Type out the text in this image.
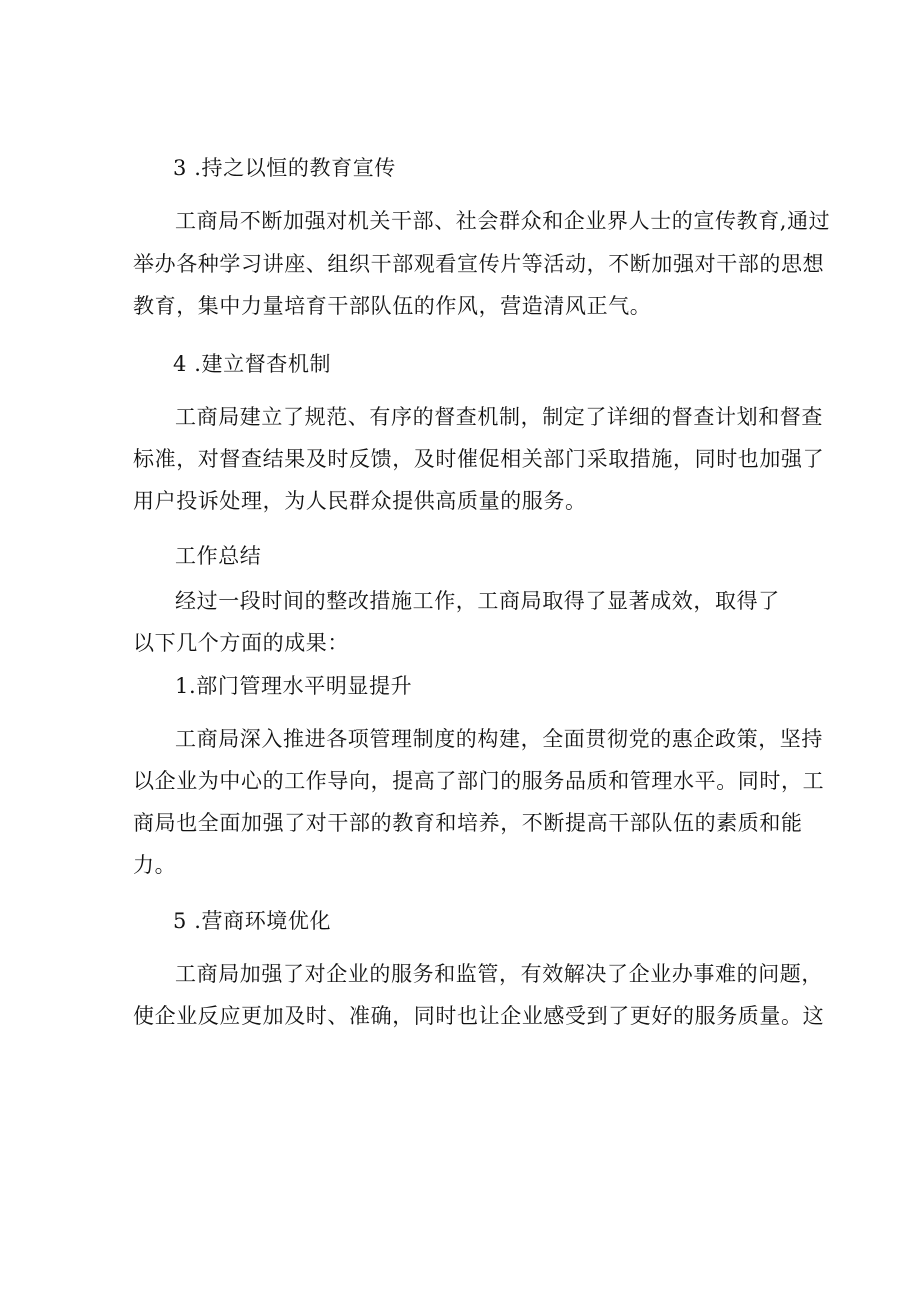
3 .持之以恒的教育宣传
工商局不断加强对机关干部、社会群众和企业界人士的宣传教育,通过
举办各种学习讲座、组织干部观看宣传片等活动，不断加强对干部的思想
教育，集中力量培育干部队伍的作风，营造清风正气。
4 .建立督杳机制
工商局建立了规范、有序的督查机制，制定了详细的督查计划和督查
标准，对督查结果及时反馈，及时催促相关部门采取措施，同时也加强了
用户投诉处理，为人民群众提供高质量的服务。
工作总结
经过一段时间的整改措施工作，工商局取得了显著成效，取得了
以下几个方面的成果：
1.部门管理水平明显提升
工商局深入推进各项管理制度的构建，全面贯彻党的惠企政策，坚持
以企业为中心的工作导向，提高了部门的服务品质和管理水平。同时，工
商局也全面加强了对干部的教育和培养，不断提高干部队伍的素质和能
力。
5 .营商环境优化
工商局加强了对企业的服务和监管，有效解决了企业办事难的问题，
使企业反应更加及时、准确，同时也让企业感受到了更好的服务质量。这
